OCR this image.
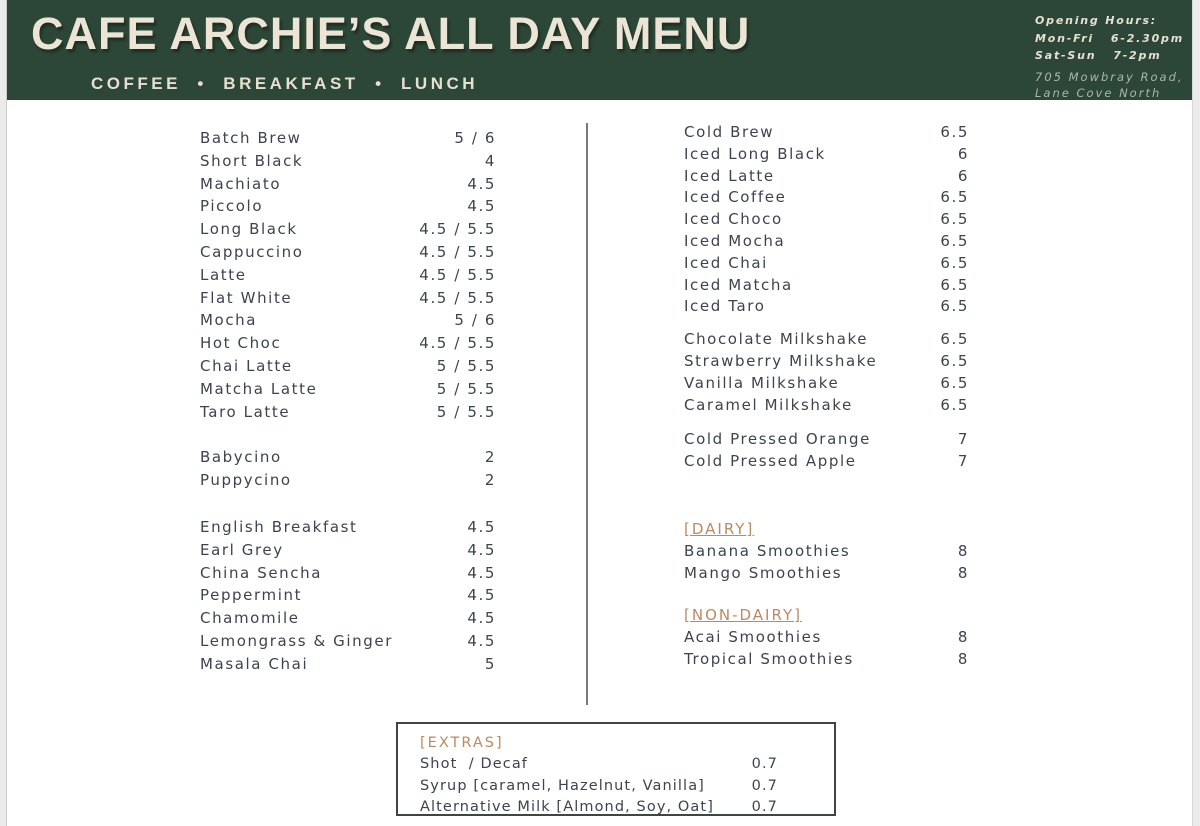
CAFE ARCHIE’S ALL DAY MENU
COFFEE  •  BREAKFAST  •  LUNCH
Opening Hours:
Mon-Fri   6-2.30pm
Sat-Sun   7-2pm
705 Mowbray Road,
Lane Cove North
Batch Brew	5 / 6
Short Black	4
Machiato	4.5
Piccolo	4.5
Long Black	4.5 / 5.5
Cappuccino	4.5 / 5.5
Latte	4.5 / 5.5
Flat White	4.5 / 5.5
Mocha	5 / 6
Hot Choc	4.5 / 5.5
Chai Latte	5 / 5.5
Matcha Latte	5 / 5.5
Taro Latte	5 / 5.5
Babycino	2
Puppycino	2
English Breakfast	4.5
Earl Grey	4.5
China Sencha	4.5
Peppermint	4.5
Chamomile	4.5
Lemongrass & Ginger	4.5
Masala Chai	5
Cold Brew	6.5
Iced Long Black	6
Iced Latte	6
Iced Coffee	6.5
Iced Choco	6.5
Iced Mocha	6.5
Iced Chai	6.5
Iced Matcha	6.5
Iced Taro	6.5
Chocolate Milkshake	6.5
Strawberry Milkshake	6.5
Vanilla Milkshake	6.5
Caramel Milkshake	6.5
Cold Pressed Orange	7
Cold Pressed Apple	7
[DAIRY]
Banana Smoothies	8
Mango Smoothies	8
[NON-DAIRY]
Acai Smoothies	8
Tropical Smoothies	8
[EXTRAS]
Shot  / Decaf	0.7
Syrup [caramel, Hazelnut, Vanilla]	0.7
Alternative Milk [Almond, Soy, Oat]	0.7
